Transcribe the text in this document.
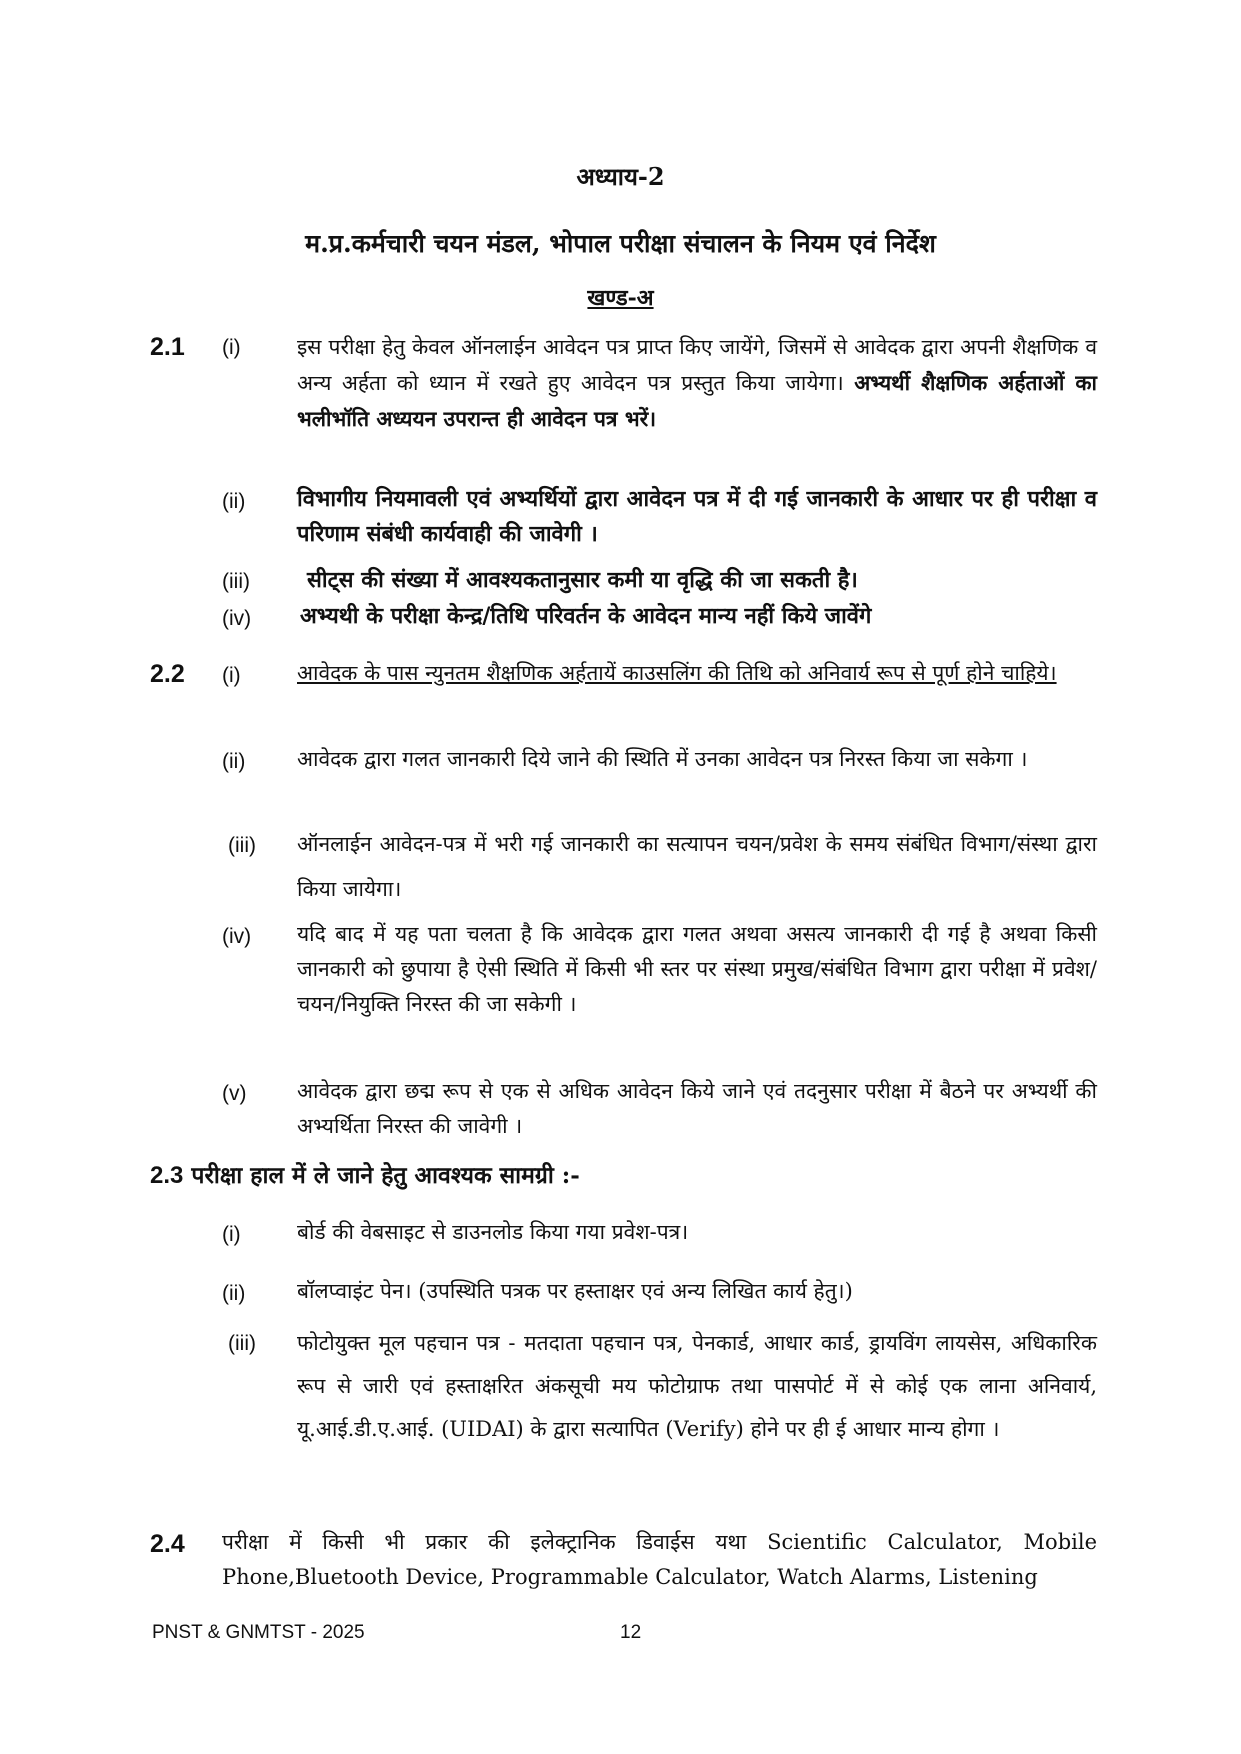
अध्याय-2
म.प्र.कर्मचारी चयन मंडल, भोपाल परीक्षा संचालन के नियम एवं निर्देश
खण्ड-अ
2.1 (i)	इस परीक्षा हेतु केवल ऑनलाईन आवेदन पत्र प्राप्त किए जायेंगे, जिसमें से आवेदक द्वारा अपनी शैक्षणिक व अन्य अर्हता को ध्यान में रखते हुए आवेदन पत्र प्रस्तुत किया जायेगा। अभ्यर्थी शैक्षणिक अर्हताओं का भलीभॉति अध्ययन उपरान्त ही आवेदन पत्र भरें।
(ii) विभागीय नियमावली एवं अभ्यर्थियों द्वारा आवेदन पत्र में दी गई जानकारी के आधार पर ही परीक्षा व परिणाम संबंधी कार्यवाही की जावेगी ।
(iii)	सीट्स की संख्या में आवश्यकतानुसार कमी या वृद्धि की जा सकती है।
(iv) अभ्यथी के परीक्षा केन्द्र/तिथि परिवर्तन के आवेदन मान्य नहीं किये जावेंगे
2.2 (i)	आवेदक के पास न्युनतम शैक्षणिक अर्हतायें काउसलिंग की तिथि को अनिवार्य रूप से पूर्ण होने चाहिये।
(ii) आवेदक द्वारा गलत जानकारी दिये जाने की स्थिति में उनका आवेदन पत्र निरस्त किया जा सकेगा ।
(iii) ऑनलाईन आवेदन-पत्र में भरी गई जानकारी का सत्यापन चयन/प्रवेश के समय संबंधित विभाग/संस्था द्वारा किया जायेगा।
(iv) यदि बाद में यह पता चलता है कि आवेदक द्वारा गलत अथवा असत्य जानकारी दी गई है अथवा किसी जानकारी को छुपाया है ऐसी स्थिति में किसी भी स्तर पर संस्था प्रमुख/संबंधित विभाग द्वारा परीक्षा में प्रवेश/चयन/नियुक्ति निरस्त की जा सकेगी ।
(v) आवेदक द्वारा छद्म रूप से एक से अधिक आवेदन किये जाने एवं तदनुसार परीक्षा में बैठने पर अभ्यर्थी की अभ्यर्थिता निरस्त की जावेगी ।
2.3 परीक्षा हाल में ले जाने हेतु आवश्यक सामग्री :-
(i)	बोर्ड की वेबसाइट से डाउनलोड किया गया प्रवेश-पत्र।
(ii) बॉलप्वाइंट पेन। (उपस्थिति पत्रक पर हस्ताक्षर एवं अन्य लिखित कार्य हेतु।)
(iii) फोटोयुक्त मूल पहचान पत्र - मतदाता पहचान पत्र, पेनकार्ड, आधार कार्ड, ड्रायविंग लायसेस, अधिकारिक रूप से जारी एवं हस्ताक्षरित अंकसूची मय फोटोग्राफ तथा पासपोर्ट में से कोई एक लाना अनिवार्य, यू.आई.डी.ए.आई. (UIDAI) के द्वारा सत्यापित (Verify) होने पर ही ई आधार मान्य होगा ।
2.4 परीक्षा में किसी भी प्रकार की इलेक्ट्रानिक डिवाईस यथा Scientific Calculator, Mobile Phone,Bluetooth Device, Programmable Calculator, Watch Alarms, Listening
PNST & GNMTST - 2025	12
